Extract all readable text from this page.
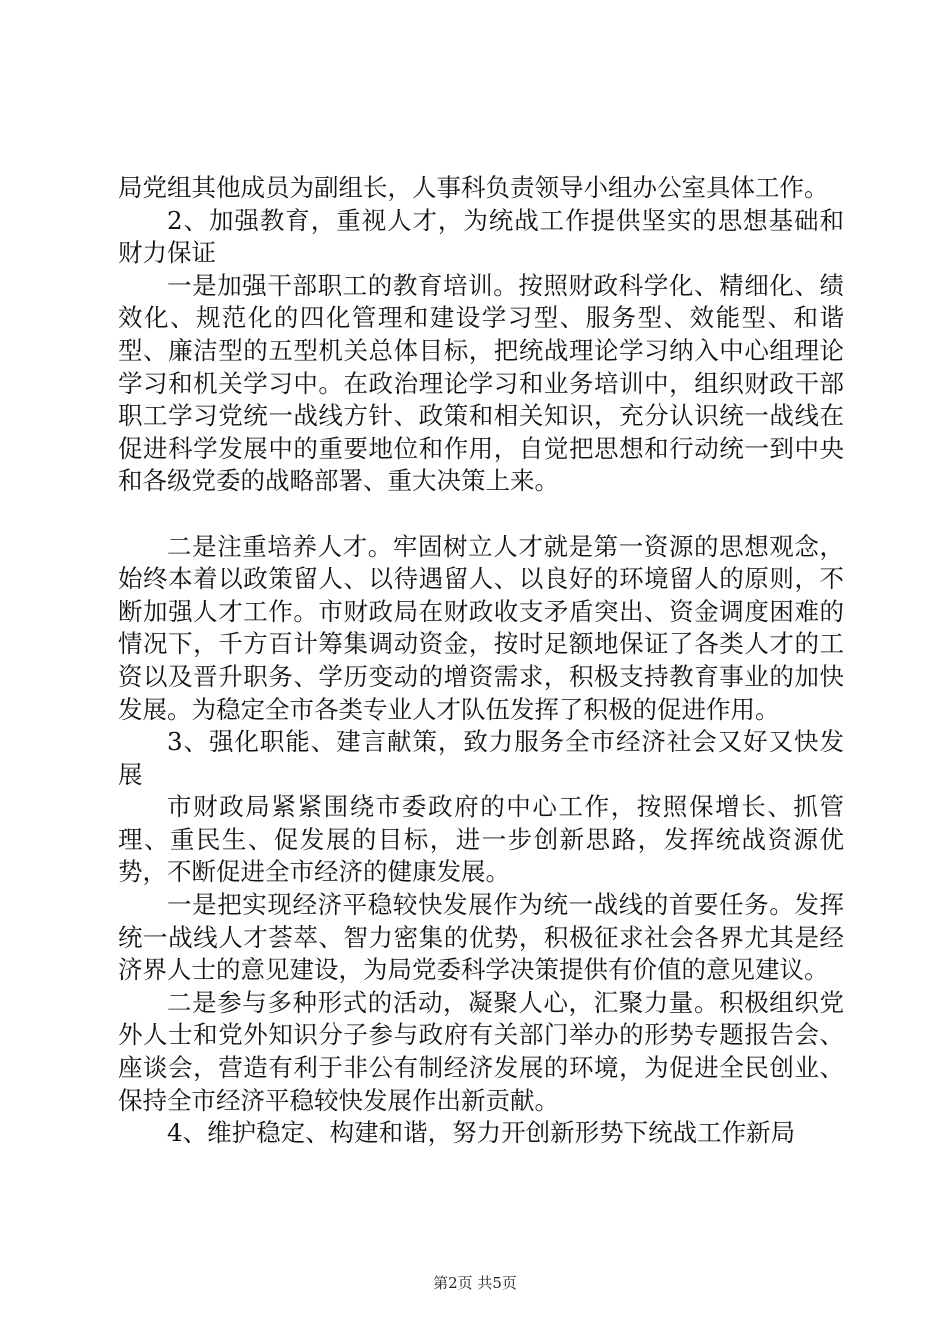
局党组其他成员为副组长，人事科负责领导小组办公室具体工作。

2、加强教育，重视人才，为统战工作提供坚实的思想基础和财力保证

一是加强干部职工的教育培训。按照财政科学化、精细化、绩效化、规范化的四化管理和建设学习型、服务型、效能型、和谐型、廉洁型的五型机关总体目标，把统战理论学习纳入中心组理论学习和机关学习中。在政治理论学习和业务培训中，组织财政干部职工学习党统一战线方针、政策和相关知识，充分认识统一战线在促进科学发展中的重要地位和作用，自觉把思想和行动统一到中央和各级党委的战略部署、重大决策上来。

二是注重培养人才。牢固树立人才就是第一资源的思想观念，始终本着以政策留人、以待遇留人、以良好的环境留人的原则，不断加强人才工作。市财政局在财政收支矛盾突出、资金调度困难的情况下，千方百计筹集调动资金，按时足额地保证了各类人才的工资以及晋升职务、学历变动的增资需求，积极支持教育事业的加快发展。为稳定全市各类专业人才队伍发挥了积极的促进作用。

3、强化职能、建言献策，致力服务全市经济社会又好又快发展

市财政局紧紧围绕市委政府的中心工作，按照保增长、抓管理、重民生、促发展的目标，进一步创新思路，发挥统战资源优势，不断促进全市经济的健康发展。

一是把实现经济平稳较快发展作为统一战线的首要任务。发挥统一战线人才荟萃、智力密集的优势，积极征求社会各界尤其是经济界人士的意见建设，为局党委科学决策提供有价值的意见建议。

二是参与多种形式的活动，凝聚人心，汇聚力量。积极组织党外人士和党外知识分子参与政府有关部门举办的形势专题报告会、座谈会，营造有利于非公有制经济发展的环境，为促进全民创业、保持全市经济平稳较快发展作出新贡献。

4、维护稳定、构建和谐，努力开创新形势下统战工作新局

第2页 共5页
